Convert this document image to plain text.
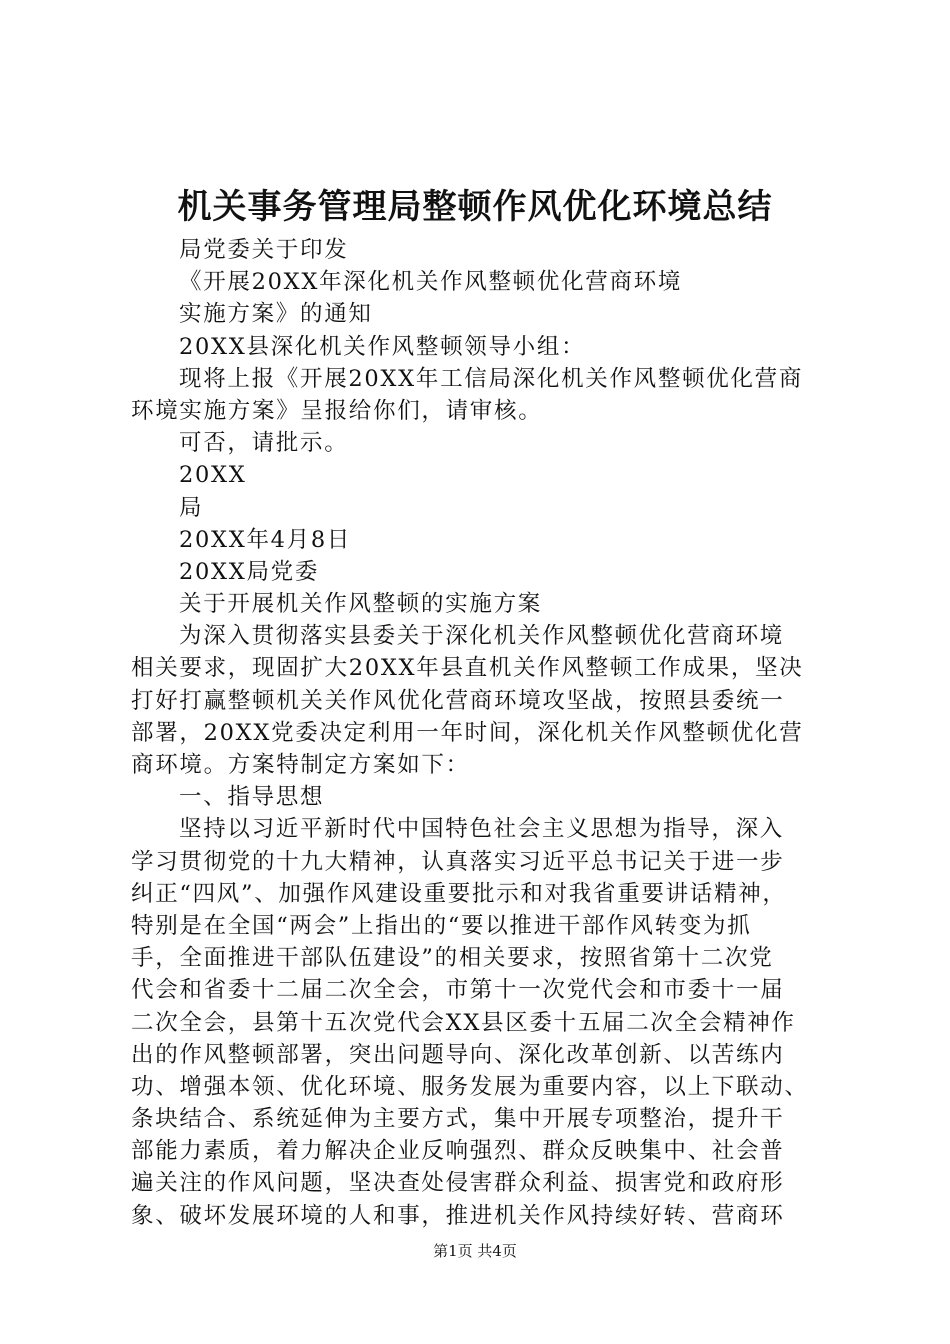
机关事务管理局整顿作风优化环境总结
局党委关于印发
《开展20XX年深化机关作风整顿优化营商环境
实施方案》的通知
20XX县深化机关作风整顿领导小组：
现将上报《开展20XX年工信局深化机关作风整顿优化营商
环境实施方案》呈报给你们，请审核。
可否，请批示。
20XX
局
20XX年4月8日
20XX局党委
关于开展机关作风整顿的实施方案
为深入贯彻落实县委关于深化机关作风整顿优化营商环境
相关要求，现固扩大20XX年县直机关作风整顿工作成果，坚决
打好打赢整顿机关关作风优化营商环境攻坚战，按照县委统一
部署，20XX党委决定利用一年时间，深化机关作风整顿优化营
商环境。方案特制定方案如下：
一、指导思想
坚持以习近平新时代中国特色社会主义思想为指导，深入
学习贯彻党的十九大精神，认真落实习近平总书记关于进一步
纠正“四风”、加强作风建设重要批示和对我省重要讲话精神，
特别是在全国“两会”上指出的“要以推进干部作风转变为抓
手，全面推进干部队伍建设”的相关要求，按照省第十二次党
代会和省委十二届二次全会，市第十一次党代会和市委十一届
二次全会，县第十五次党代会XX县区委十五届二次全会精神作
出的作风整顿部署，突出问题导向、深化改革创新、以苦练内
功、增强本领、优化环境、服务发展为重要内容，以上下联动、
条块结合、系统延伸为主要方式，集中开展专项整治，提升干
部能力素质，着力解决企业反响强烈、群众反映集中、社会普
遍关注的作风问题，坚决查处侵害群众利益、损害党和政府形
象、破坏发展环境的人和事，推进机关作风持续好转、营商环
第1页 共4页
